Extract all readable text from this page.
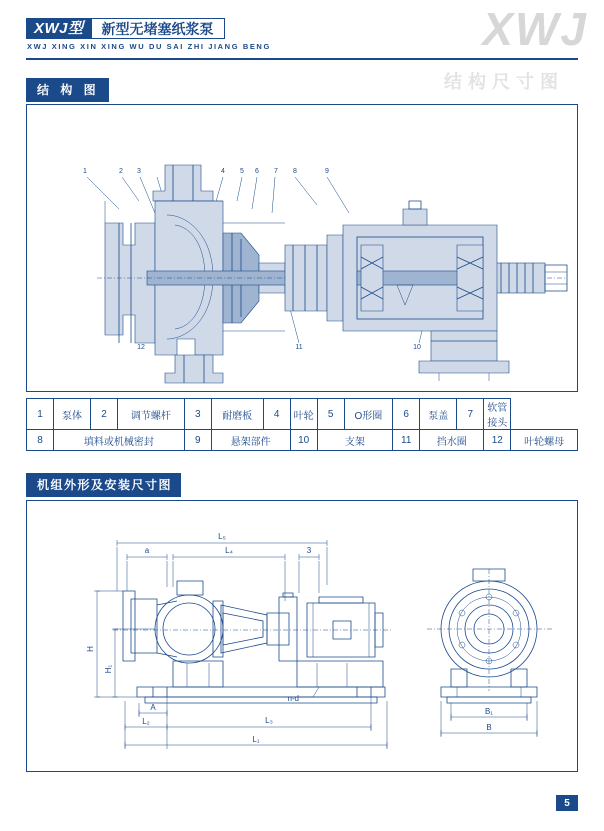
XWJ
XWJ型	新型无堵塞纸浆泵
XWJ XING XIN XING WU DU SAI ZHI JIANG BENG
结 构 图	结构尺寸图
1	2 3	4 5 6 7 8	9
10
11
12
1	泵体	2	调节螺杆	3	耐磨板	4	叶轮	5	O形圈	6	泵盖	7	软管接头	
8	填料或机械密封			9	悬架部件		10	支架		11	挡水圈		12	叶轮螺母
机组外形及安装尺寸图
L₅
L₄
a	3
n-d
H
H₁
A
L₂	L₃
L₁
B₁
B
5
